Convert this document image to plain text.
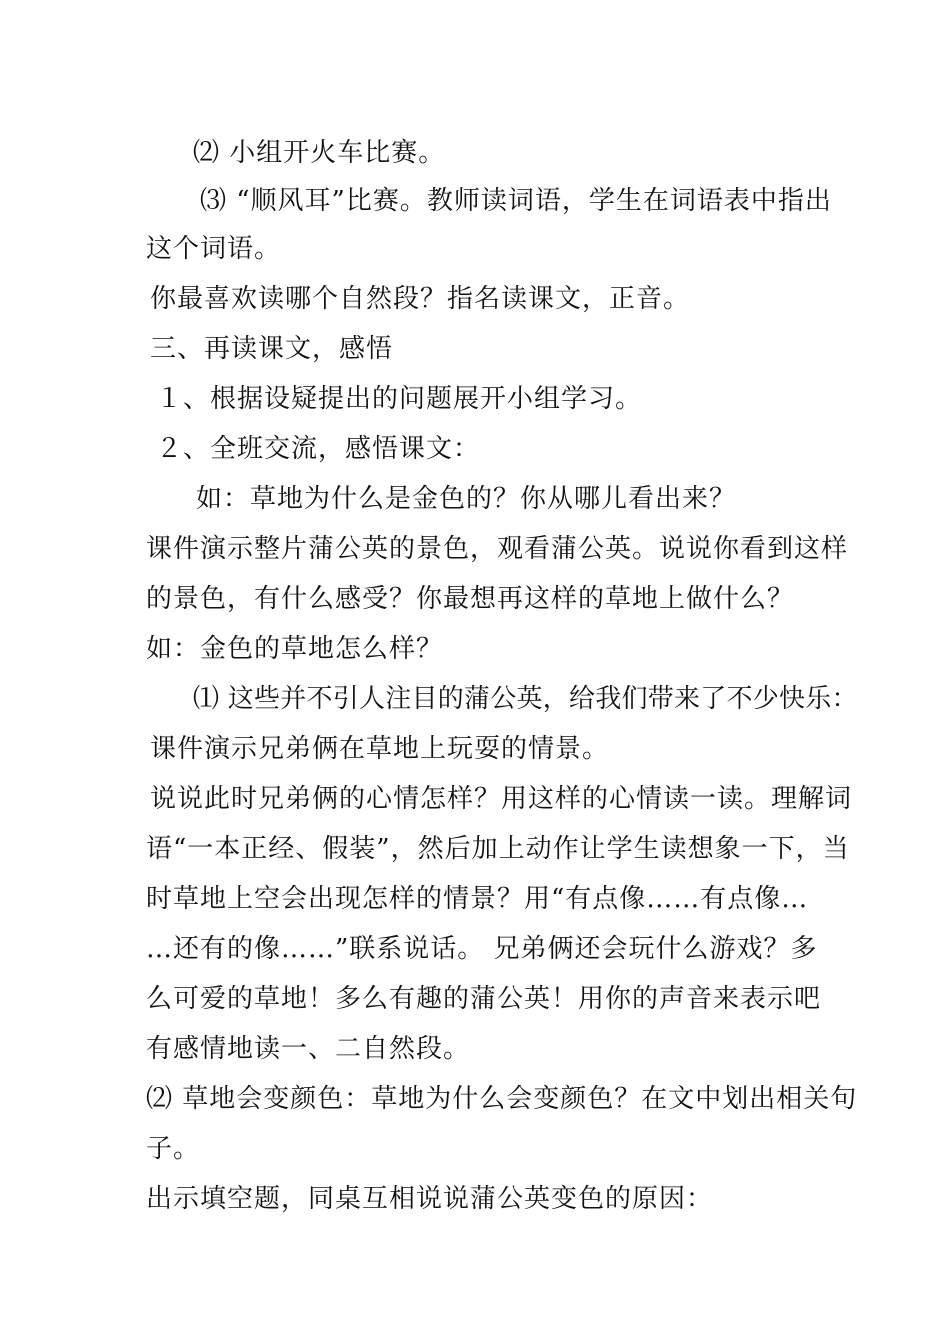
⑵ 小组开火车比赛。
⑶ “顺风耳”比赛。教师读词语，学生在词语表中指出
这个词语。
你最喜欢读哪个自然段？指名读课文，正音。
三、再读课文，感悟
１、根据设疑提出的问题展开小组学习。
２、全班交流，感悟课文：
如：草地为什么是金色的？你从哪儿看出来？
课件演示整片蒲公英的景色，观看蒲公英。说说你看到这样
的景色，有什么感受？你最想再这样的草地上做什么？
如：金色的草地怎么样？
⑴ 这些并不引人注目的蒲公英，给我们带来了不少快乐：
课件演示兄弟俩在草地上玩耍的情景。
说说此时兄弟俩的心情怎样？用这样的心情读一读。理解词
语“一本正经、假装”，然后加上动作让学生读想象一下，当
时草地上空会出现怎样的情景？用“有点像……有点像…
…还有的像……”联系说话。 兄弟俩还会玩什么游戏？多
么可爱的草地！多么有趣的蒲公英！用你的声音来表示吧
有感情地读一、二自然段。
⑵ 草地会变颜色：草地为什么会变颜色？在文中划出相关句
子。
出示填空题，同桌互相说说蒲公英变色的原因：
